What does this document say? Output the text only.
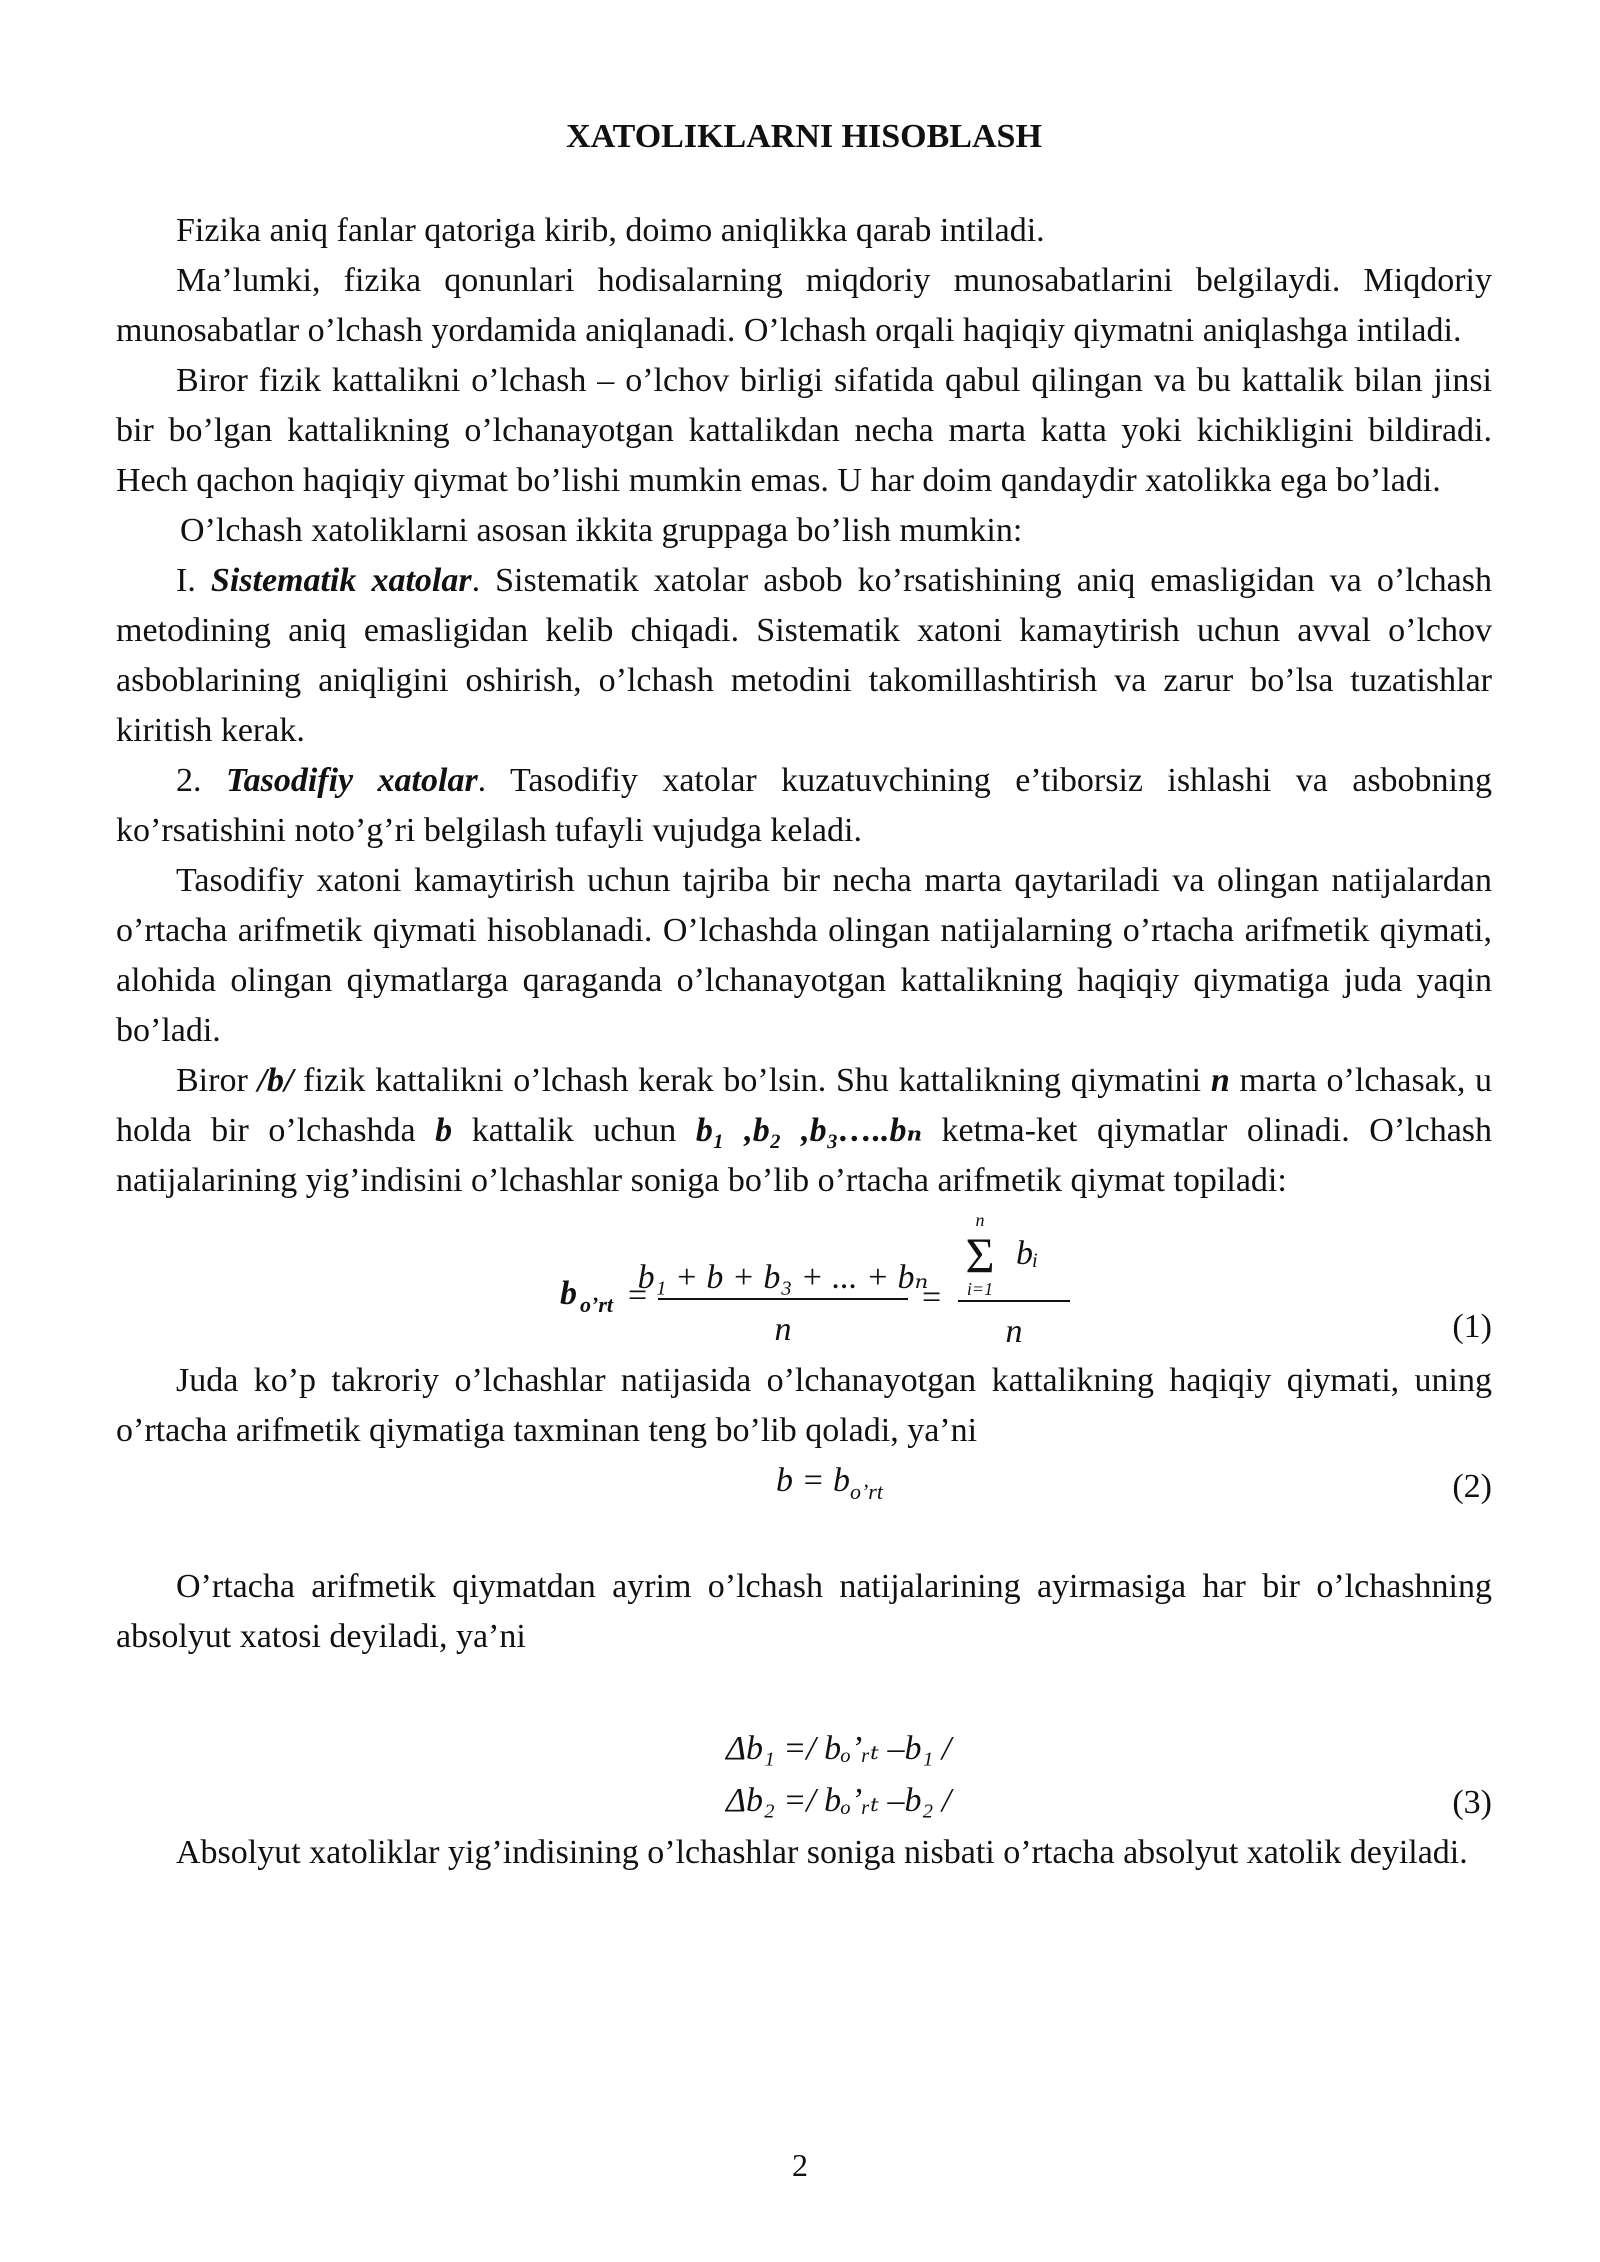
XATOLIKLARNI HISOBLASH

Fizika aniq fanlar qatoriga kirib, doimo aniqlikka qarab intiladi.

Ma’lumki, fizika qonunlari hodisalarning miqdoriy munosabatlarini belgilaydi. Miqdoriy munosabatlar o’lchash yordamida aniqlanadi. O’lchash orqali haqiqiy qiymatni aniqlashga intiladi.

Biror fizik kattalikni o’lchash – o’lchov birligi sifatida qabul qilingan va bu kattalik bilan jinsi bir bo’lgan kattalikning o’lchanayotgan kattalikdan necha marta katta yoki kichikligini bildiradi. Hech qachon haqiqiy qiymat bo’lishi mumkin emas. U har doim qandaydir xatolikka ega bo’ladi.

O’lchash xatoliklarni asosan ikkita gruppaga bo’lish mumkin:

I. Sistematik xatolar. Sistematik xatolar asbob ko’rsatishining aniq emasligidan va o’lchash metodining aniq emasligidan kelib chiqadi. Sistematik xatoni kamaytirish uchun avval o’lchov asboblarining aniqligini oshirish, o’lchash metodini takomillashtirish va zarur bo’lsa tuzatishlar kiritish kerak.

2. Tasodifiy xatolar. Tasodifiy xatolar kuzatuvchining e’tiborsiz ishlashi va asbobning ko’rsatishini noto’g’ri belgilash tufayli vujudga keladi.

Tasodifiy xatoni kamaytirish uchun tajriba bir necha marta qaytariladi va olingan natijalardan o’rtacha arifmetik qiymati hisoblanadi. O’lchashda olingan natijalarning o’rtacha arifmetik qiymati, alohida olingan qiymatlarga qaraganda o’lchanayotgan kattalikning haqiqiy qiymatiga juda yaqin bo’ladi.

Biror /b/ fizik kattalikni o’lchash kerak bo’lsin. Shu kattalikning qiymatini n marta o’lchasak, u holda bir o’lchashda b kattalik uchun b₁ ,b₂ ,b₃…..bₙ ketma-ket qiymatlar olinadi. O’lchash natijalarining yig’indisini o’lchashlar soniga bo’lib o’rtacha arifmetik qiymat topiladi:

b o’rt =
b₁ + b + b₃ + ... + bₙ
n
=
n
Σ
i=1
bᵢ
n	(1)

Juda ko’p takroriy o’lchashlar natijasida o’lchanayotgan kattalikning haqiqiy qiymati, uning o’rtacha arifmetik qiymatiga taxminan teng bo’lib qoladi, ya’ni

$b = b_{o’rt}$	(2)

O’rtacha arifmetik qiymatdan ayrim o’lchash natijalarining ayirmasiga har bir o’lchashning absolyut xatosi deyiladi, ya’ni

Δb₁ =/ bₒ’ᵣₜ –b₁ /
Δb₂ =/ bₒ’ᵣₜ –b₂ /	(3)

Absolyut xatoliklar yig’indisining o’lchashlar soniga nisbati o’rtacha absolyut xatolik deyiladi.

2
